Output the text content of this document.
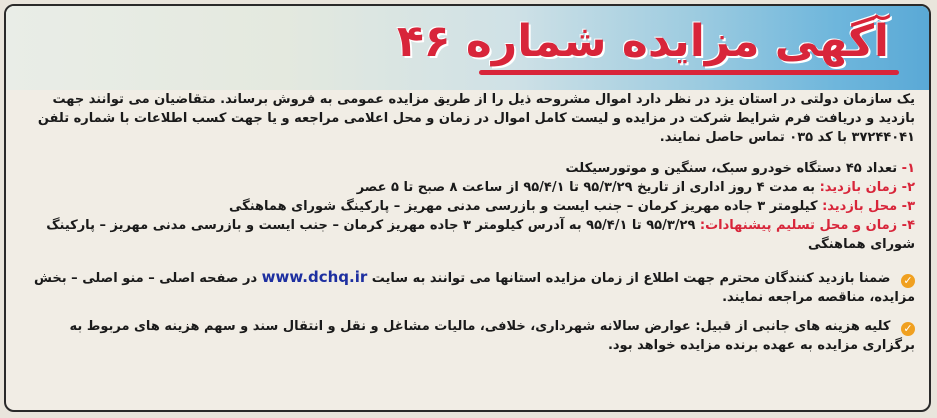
آگهی مزایده شماره ۴۶

یک سازمان دولتی در استان یزد در نظر دارد اموال مشروحه ذیل را از طریق مزایده عمومی به فروش برساند. متقاضیان می توانند جهت بازدید و دریافت فرم شرایط شرکت در مزایده و لیست کامل اموال در زمان و محل اعلامی مراجعه و یا جهت کسب اطلاعات با شماره تلفن ۳۷۲۴۴۰۴۱ با کد ۰۳۵ تماس حاصل نمایند.

۱- تعداد ۴۵ دستگاه خودرو سبک، سنگین و موتورسیکلت

۲- زمان بازدید: به مدت ۴ روز اداری از تاریخ ۹۵/۳/۲۹ تا ۹۵/۴/۱ از ساعت ۸ صبح تا ۵ عصر

۳- محل بازدید: کیلومتر ۳ جاده مهریز کرمان – جنب ایست و بازرسی مدنی مهریز – پارکینگ شورای هماهنگی

۴- زمان و محل تسلیم پیشنهادات: ۹۵/۳/۲۹ تا ۹۵/۴/۱ به آدرس کیلومتر ۳ جاده مهریز کرمان – جنب ایست و بازرسی مدنی مهریز – پارکینگ شورای هماهنگی

✓ ضمنا بازدید کنندگان محترم جهت اطلاع از زمان مزایده استانها می توانند به سایت www.dchq.ir در صفحه اصلی – منو اصلی – بخش مزایده، مناقصه مراجعه نمایند.

✓ کلیه هزینه های جانبی از قبیل: عوارض سالانه شهرداری، خلافی، مالیات مشاغل و نقل و انتقال سند و سهم هزینه های مربوط به برگزاری مزایده به عهده برنده مزایده خواهد بود.
